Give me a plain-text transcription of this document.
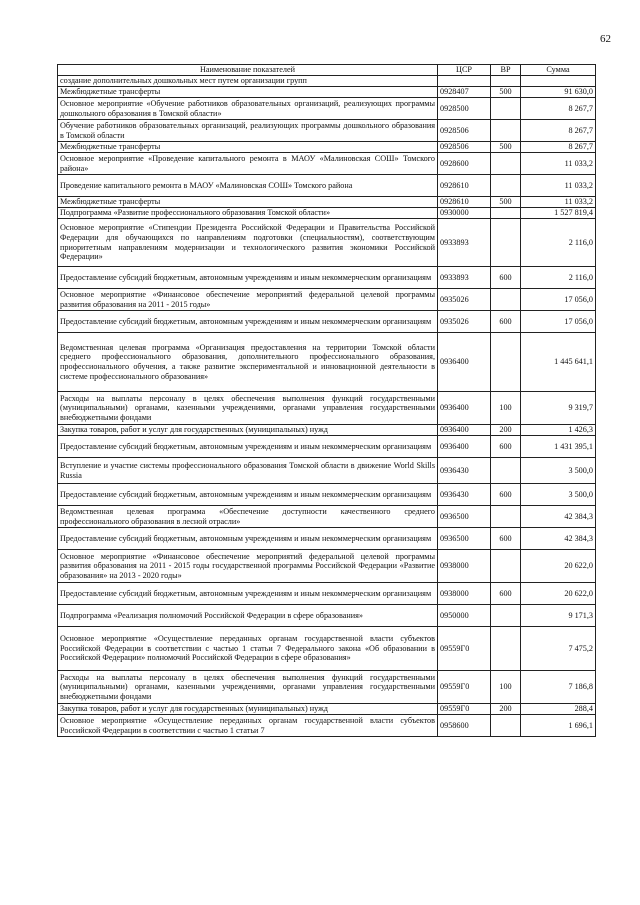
62
Наименование показателей	ЦСР	ВР	Сумма
создание дополнительных дошкольных мест путем организации групп			
Межбюджетные трансферты	0928407	500	91 630,0
Основное мероприятие «Обучение работников образовательных организаций, реализующих программы дошкольного образования в Томской области»	0928500		8 267,7
Обучение работников образовательных организаций, реализующих программы дошкольного образования в Томской области	0928506		8 267,7
Межбюджетные трансферты	0928506	500	8 267,7
Основное мероприятие «Проведение капитального ремонта в МАОУ «Малиновская СОШ» Томского района»	0928600		11 033,2
Проведение капитального ремонта в МАОУ «Малиновская СОШ» Томского района	0928610		11 033,2
Межбюджетные трансферты	0928610	500	11 033,2
Подпрограмма «Развитие профессионального образования Томской области»	0930000		1 527 819,4
Основное мероприятие «Стипендии Президента Российской Федерации и Правительства Российской Федерации для обучающихся по направлениям подготовки (специальностям), соответствующим приоритетным направлениям модернизации и технологического развития экономики Российской Федерации»	0933893		2 116,0
Предоставление субсидий бюджетным, автономным учреждениям и иным некоммерческим организациям	0933893	600	2 116,0
Основное мероприятие «Финансовое обеспечение мероприятий федеральной целевой программы развития образования на 2011 - 2015 годы»	0935026		17 056,0
Предоставление субсидий бюджетным, автономным учреждениям и иным некоммерческим организациям	0935026	600	17 056,0
Ведомственная целевая программа «Организация предоставления на территории Томской области среднего профессионального образования, дополнительного профессионального образования, профессионального обучения, а также развитие экспериментальной и инновационной деятельности в системе профессионального образования»	0936400		1 445 641,1
Расходы на выплаты персоналу в целях обеспечения выполнения функций государственными (муниципальными) органами, казенными учреждениями, органами управления государственными внебюджетными фондами	0936400	100	9 319,7
Закупка товаров, работ и услуг для государственных (муниципальных) нужд	0936400	200	1 426,3
Предоставление субсидий бюджетным, автономным учреждениям и иным некоммерческим организациям	0936400	600	1 431 395,1
Вступление и участие системы профессионального образования Томской области в движение World Skills Russia	0936430		3 500,0
Предоставление субсидий бюджетным, автономным учреждениям и иным некоммерческим организациям	0936430	600	3 500,0
Ведомственная целевая программа «Обеспечение доступности качественного среднего профессионального образования в лесной отрасли»	0936500		42 384,3
Предоставление субсидий бюджетным, автономным учреждениям и иным некоммерческим организациям	0936500	600	42 384,3
Основное мероприятие «Финансовое обеспечение мероприятий федеральной целевой программы развития образования на 2011 - 2015 годы государственной программы Российской Федерации «Развитие образования» на 2013 - 2020 годы»	0938000		20 622,0
Предоставление субсидий бюджетным, автономным учреждениям и иным некоммерческим организациям	0938000	600	20 622,0
Подпрограмма «Реализация полномочий Российской Федерации в сфере образования»	0950000		9 171,3
Основное мероприятие «Осуществление переданных органам государственной власти субъектов Российской Федерации в соответствии с частью 1 статьи 7 Федерального закона «Об образовании в Российской Федерации» полномочий Российской Федерации в сфере образования»	09559Г0		7 475,2
Расходы на выплаты персоналу в целях обеспечения выполнения функций государственными (муниципальными) органами, казенными учреждениями, органами управления государственными внебюджетными фондами	09559Г0	100	7 186,8
Закупка товаров, работ и услуг для государственных (муниципальных) нужд	09559Г0	200	288,4
Основное мероприятие «Осуществление переданных органам государственной власти субъектов Российской Федерации в соответствии с частью 1 статьи 7	0958600		1 696,1
